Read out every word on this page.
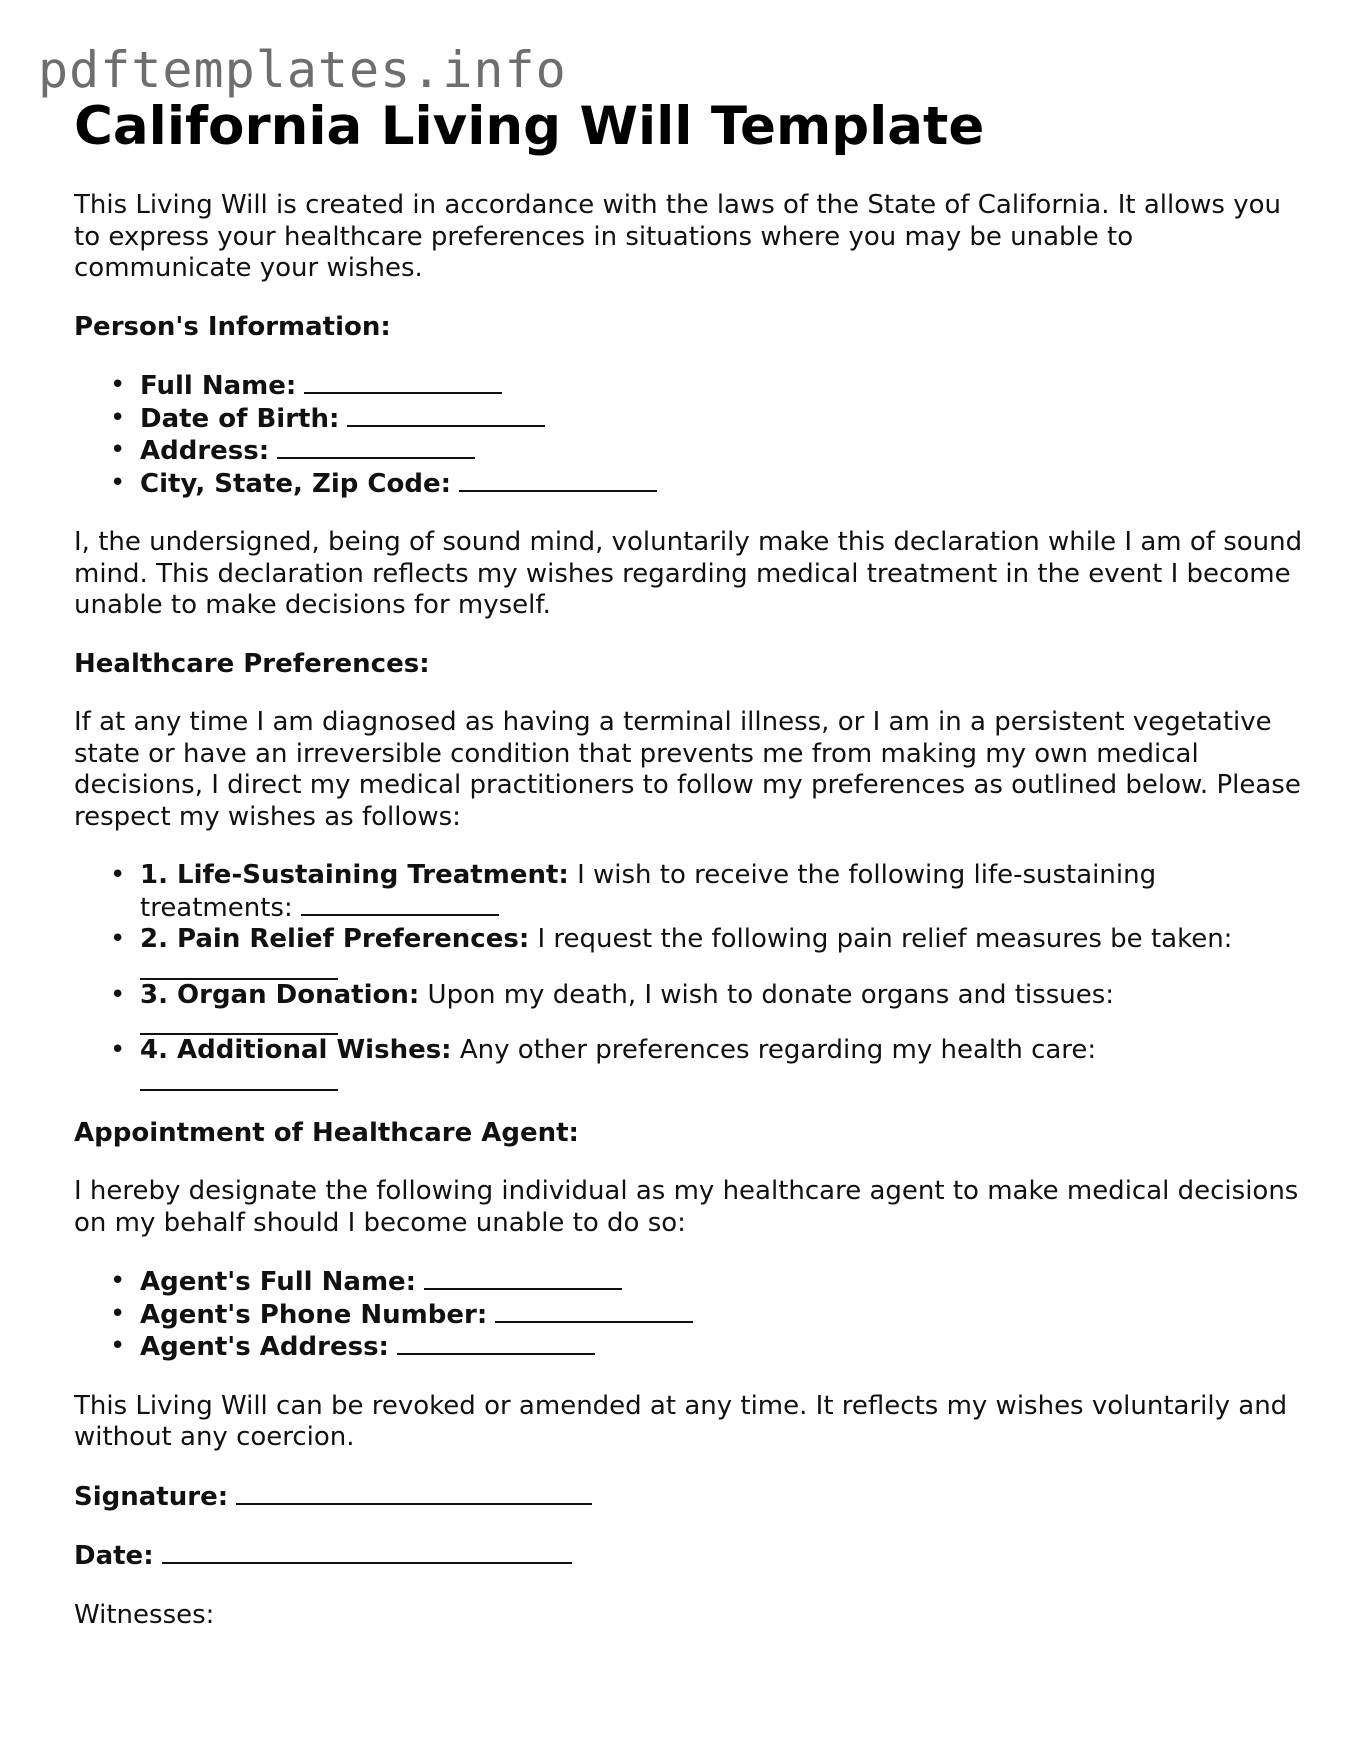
pdftemplates.info
California Living Will Template

This Living Will is created in accordance with the laws of the State of California. It allows you to express your healthcare preferences in situations where you may be unable to communicate your wishes.

Person's Information:

• Full Name:
• Date of Birth:
• Address:
• City, State, Zip Code:

I, the undersigned, being of sound mind, voluntarily make this declaration while I am of sound mind. This declaration reflects my wishes regarding medical treatment in the event I become unable to make decisions for myself.

Healthcare Preferences:

If at any time I am diagnosed as having a terminal illness, or I am in a persistent vegetative state or have an irreversible condition that prevents me from making my own medical decisions, I direct my medical practitioners to follow my preferences as outlined below. Please respect my wishes as follows:

• 1. Life-Sustaining Treatment: I wish to receive the following life-sustaining treatments:
• 2. Pain Relief Preferences: I request the following pain relief measures be taken:
• 3. Organ Donation: Upon my death, I wish to donate organs and tissues:
• 4. Additional Wishes: Any other preferences regarding my health care:

Appointment of Healthcare Agent:

I hereby designate the following individual as my healthcare agent to make medical decisions on my behalf should I become unable to do so:

• Agent's Full Name:
• Agent's Phone Number:
• Agent's Address:

This Living Will can be revoked or amended at any time. It reflects my wishes voluntarily and without any coercion.

Signature:

Date:

Witnesses:
